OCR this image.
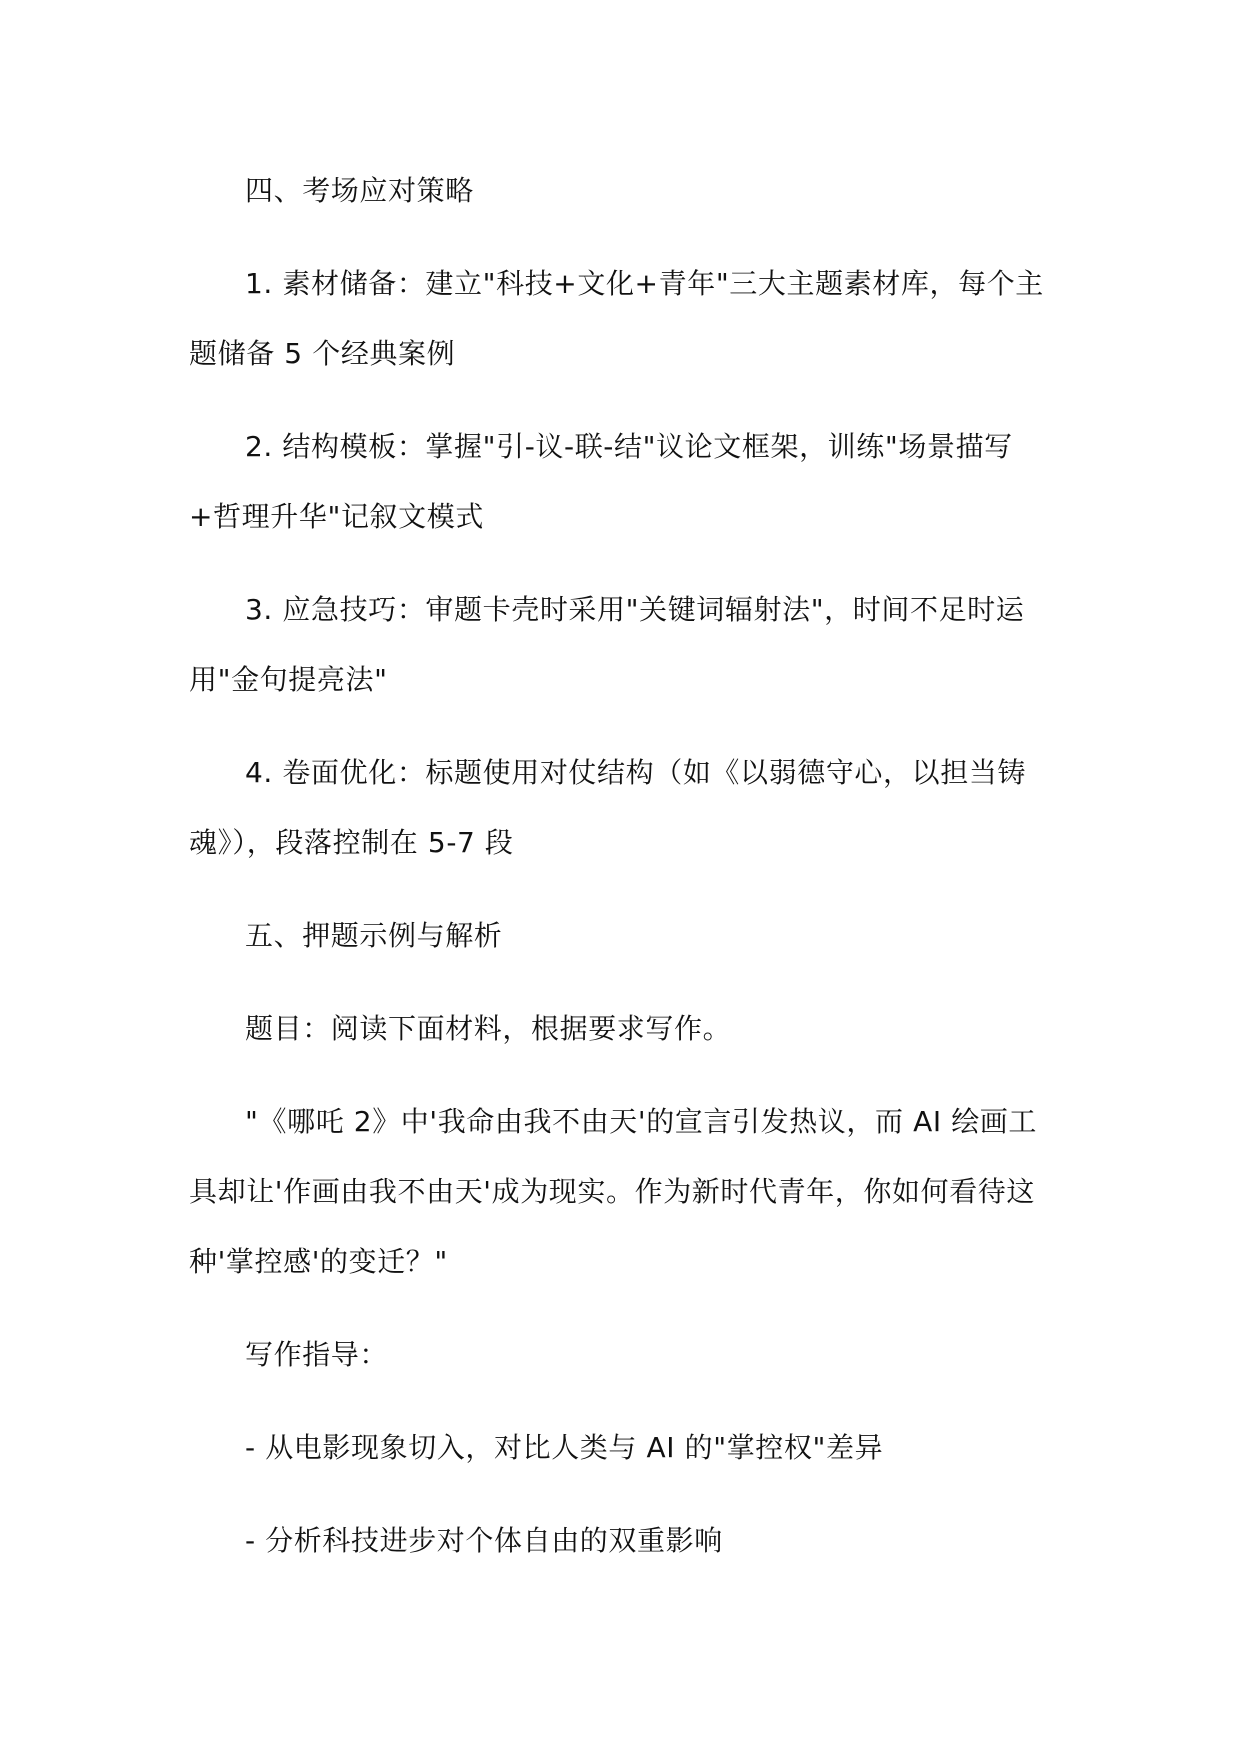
四、考场应对策略

1. 素材储备：建立"科技+文化+青年"三大主题素材库，每个主题储备 5 个经典案例

2. 结构模板：掌握"引-议-联-结"议论文框架，训练"场景描写+哲理升华"记叙文模式

3. 应急技巧：审题卡壳时采用"关键词辐射法"，时间不足时运用"金句提亮法"

4. 卷面优化：标题使用对仗结构（如《以弱德守心，以担当铸魂》），段落控制在 5-7 段

五、押题示例与解析

题目：阅读下面材料，根据要求写作。

"《哪吒 2》中'我命由我不由天'的宣言引发热议，而 AI 绘画工具却让'作画由我不由天'成为现实。作为新时代青年，你如何看待这种'掌控感'的变迁？"

写作指导：

- 从电影现象切入，对比人类与 AI 的"掌控权"差异

- 分析科技进步对个体自由的双重影响
